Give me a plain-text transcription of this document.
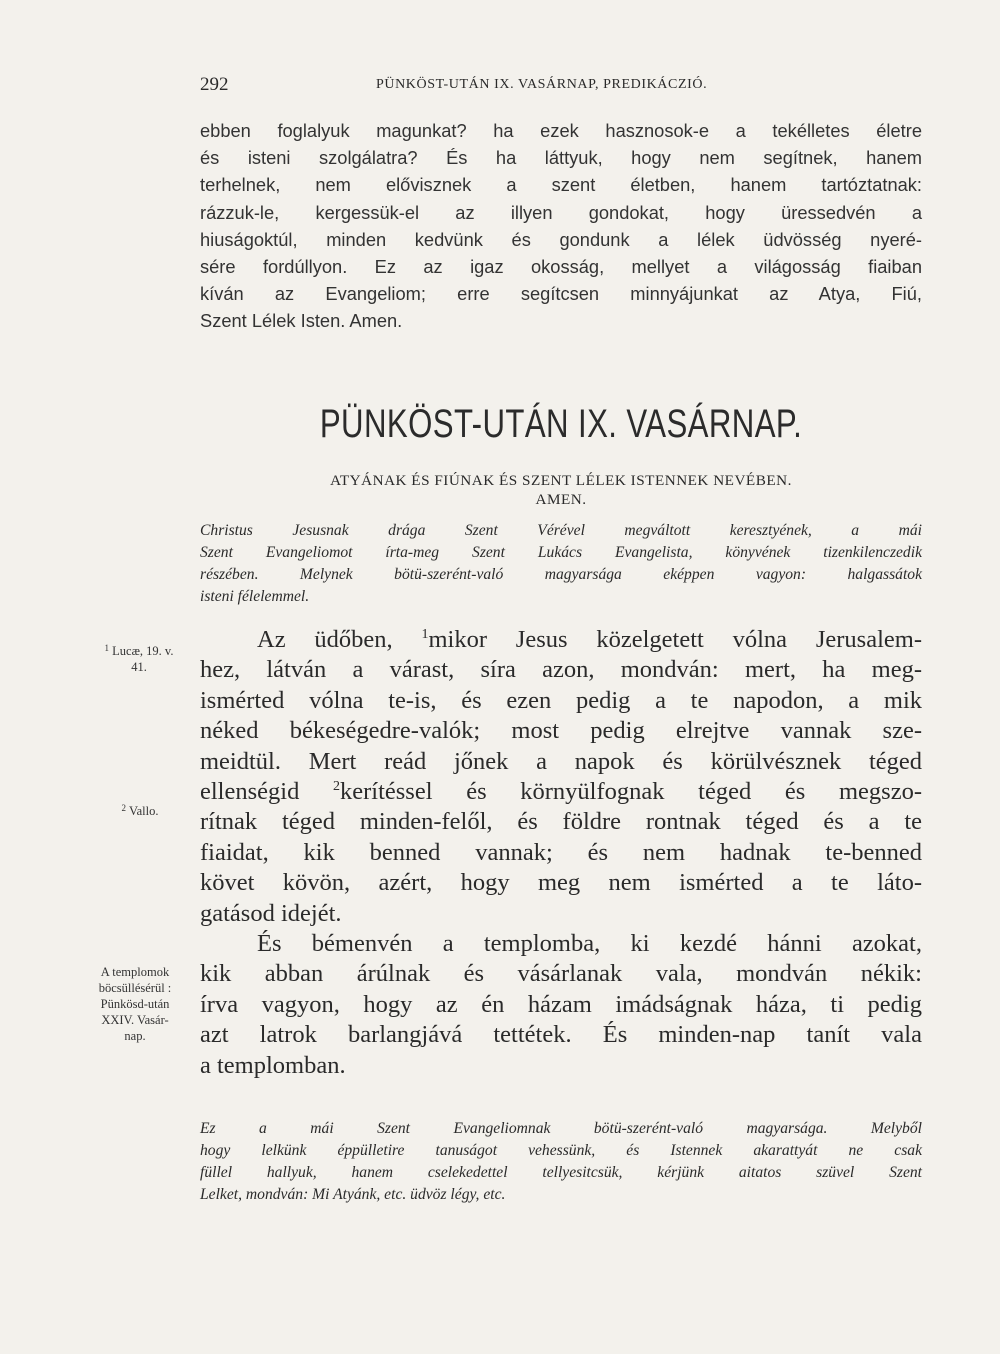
292	PÜNKÖST-UTÁN IX. VASÁRNAP, PREDIKÁCZIÓ.
ebben foglalyuk magunkat? ha ezek hasznosok-e a tekélletes életre
és isteni szolgálatra? És ha láttyuk, hogy nem segítnek, hanem
terhelnek, nem elővisznek a szent életben, hanem tartóztatnak:
rázzuk-le, kergessük-el az illyen gondokat, hogy üressedvén a
hiuságoktúl, minden kedvünk és gondunk a lélek üdvösség nyeré-
sére fordúllyon. Ez az igaz okosság, mellyet a világosság fiaiban
kíván az Evangeliom; erre segítcsen minnyájunkat az Atya, Fiú,
Szent Lélek Isten. Amen.
PÜNKÖST-UTÁN IX. VASÁRNAP.
ATYÁNAK ÉS FIÚNAK ÉS SZENT LÉLEK ISTENNEK NEVÉBEN.
AMEN.
Christus Jesusnak drága Szent Vérével megváltott keresztyének, a mái
Szent Evangeliomot írta-meg Szent Lukács Evangelista, könyvének tizenkilenczedik
részében. Melynek bötü-szerént-való magyarsága eképpen vagyon: halgassátok
isteni félelemmel.
Az üdőben, $^1$mikor Jesus közelgetett vólna Jerusalem-
hez, látván a várast, síra azon, mondván: mert, ha meg-
ismérted vólna te-is, és ezen pedig a te napodon, a mik
néked békeségedre-valók; most pedig elrejtve vannak sze-
meidtül. Mert reád jőnek a napok és körülvésznek téged
ellenségid $^2$kerítéssel és környülfognak téged és megszo-
rítnak téged minden-felől, és földre rontnak téged és a te
fiaidat, kik benned vannak; és nem hadnak te-benned
követ kövön, azért, hogy meg nem ismérted a te láto-
gatásod idejét.
És bémenvén a templomba, ki kezdé hánni azokat,
kik abban árúlnak és vásárlanak vala, mondván nékik:
írva vagyon, hogy az én házam imádságnak háza, ti pedig
azt latrok barlangjává tettétek. És minden-nap tanít vala
a templomban.
Ez a mái Szent Evangeliomnak bötü-szerént-való magyarsága. Melyből
hogy lelkünk éppülletire tanuságot vehessünk, és Istennek akarattyát ne csak
füllel hallyuk, hanem cselekedettel tellyesitcsük, kérjünk aitatos szüvel Szent
Lelket, mondván: Mi Atyánk, etc. üdvöz légy, etc.
$^1$ Lucæ, 19. v.
41.
$^2$ Vallo.
A templomok
böcsüllésérül :
Pünkösd-után
XXIV. Vasár-
nap.
